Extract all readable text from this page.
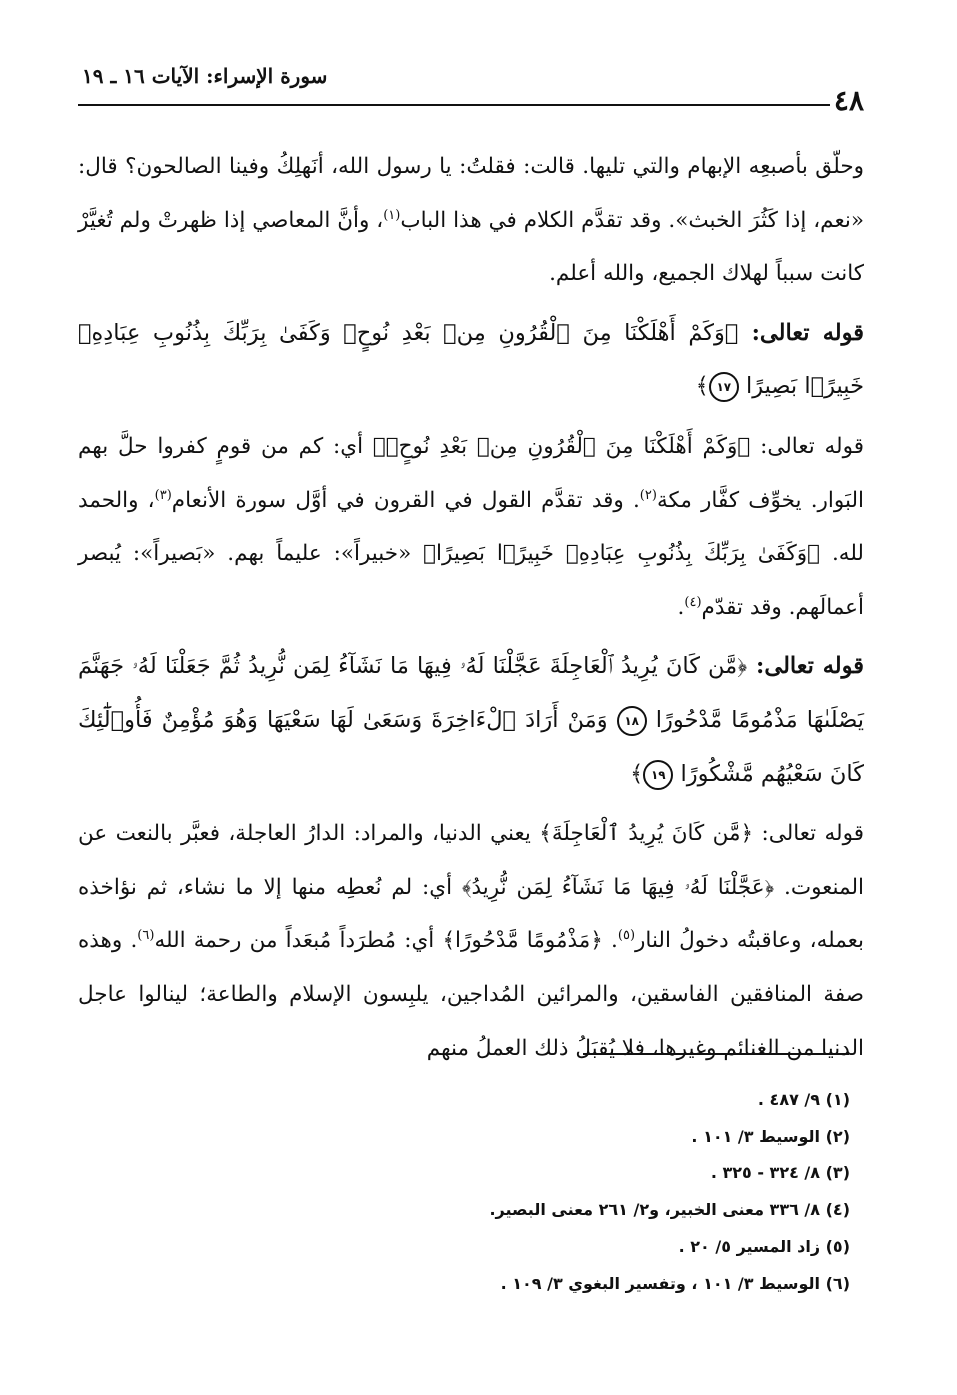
٤٨
سورة الإسراء: الآيات ١٦ ـ ١٩

وحلّق بأصبعِه الإبهام والتي تليها. قالت: فقلتُ: يا رسول الله، أنَهلِكُ وفينا الصالحون؟ قال: «نعم، إذا كَثُرَ الخبث». وقد تقدَّم الكلام في هذا الباب$^{(١)}$، وأنَّ المعاصي إذا ظهرتْ ولم تُغيَّرْ كانت سبباً لهلاك الجميع، والله أعلم.

قوله تعالى: ﴿وَكَمْ أَهْلَكْنَا مِنَ ٱلْقُرُونِ مِنۢ بَعْدِ نُوحٍۗ وَكَفَىٰ بِرَبِّكَ بِذُنُوبِ عِبَادِهِۦ خَبِيرًۢا بَصِيرًا ١٧﴾

قوله تعالى: ﴿وَكَمْ أَهْلَكْنَا مِنَ ٱلْقُرُونِ مِنۢ بَعْدِ نُوحٍۗ﴾ أي: كم من قومٍ كفروا حلَّ بهم البَوار. يخوِّف كفَّار مكة$^{(٢)}$. وقد تقدَّم القول في القرون في أوَّل سورة الأنعام$^{(٣)}$، والحمد لله. ﴿وَكَفَىٰ بِرَبِّكَ بِذُنُوبِ عِبَادِهِۦ خَبِيرًۢا بَصِيرًا﴾ «خبيراً»: عليماً بهم. «بَصيراً»: يُبصر أعمالَهم. وقد تقدّم$^{(٤)}$.

قوله تعالى: ﴿مَّن كَانَ يُرِيدُ ٱلْعَاجِلَةَ عَجَّلْنَا لَهُۥ فِيهَا مَا نَشَآءُ لِمَن نُّرِيدُ ثُمَّ جَعَلْنَا لَهُۥ جَهَنَّمَ يَصْلَىٰهَا مَذْمُومًا مَّدْحُورًا ١٨ وَمَنْ أَرَادَ ٱلْءَاخِرَةَ وَسَعَىٰ لَهَا سَعْيَهَا وَهُوَ مُؤْمِنٌ فَأُو۟لَٰٓئِكَ كَانَ سَعْيُهُم مَّشْكُورًا ١٩﴾

قوله تعالى: ﴿مَّن كَانَ يُرِيدُ ٱلْعَاجِلَةَ﴾ يعني الدنيا، والمراد: الدارُ العاجلة، فعبَّر بالنعت عن المنعوت. ﴿عَجَّلْنَا لَهُۥ فِيهَا مَا نَشَآءُ لِمَن نُّرِيدُ﴾ أي: لم نُعطِه منها إلا ما نشاء، ثم نؤاخذه بعمله، وعاقبتُه دخولُ النار$^{(٥)}$. ﴿مَذْمُومًا مَّدْحُورًا﴾ أي: مُطرَداً مُبعَداً من رحمة الله$^{(٦)}$. وهذه صفة المنافقين الفاسقين، والمرائين المُداجين، يلبِسون الإسلام والطاعة؛ لينالوا عاجل الدنيا من الغنائم وغيرها، فلا يُقبَلُ ذلك العملُ منهم

(١) ٩/ ٤٨٧ .
(٢) الوسيط ٣/ ١٠١ .
(٣) ٨/ ٣٢٤ - ٣٢٥ .
(٤) ٨/ ٣٣٦ معنى الخبير، و٢/ ٢٦١ معنى البصير.
(٥) زاد المسير ٥/ ٢٠ .
(٦) الوسيط ٣/ ١٠١ ، وتفسير البغوي ٣/ ١٠٩ .
